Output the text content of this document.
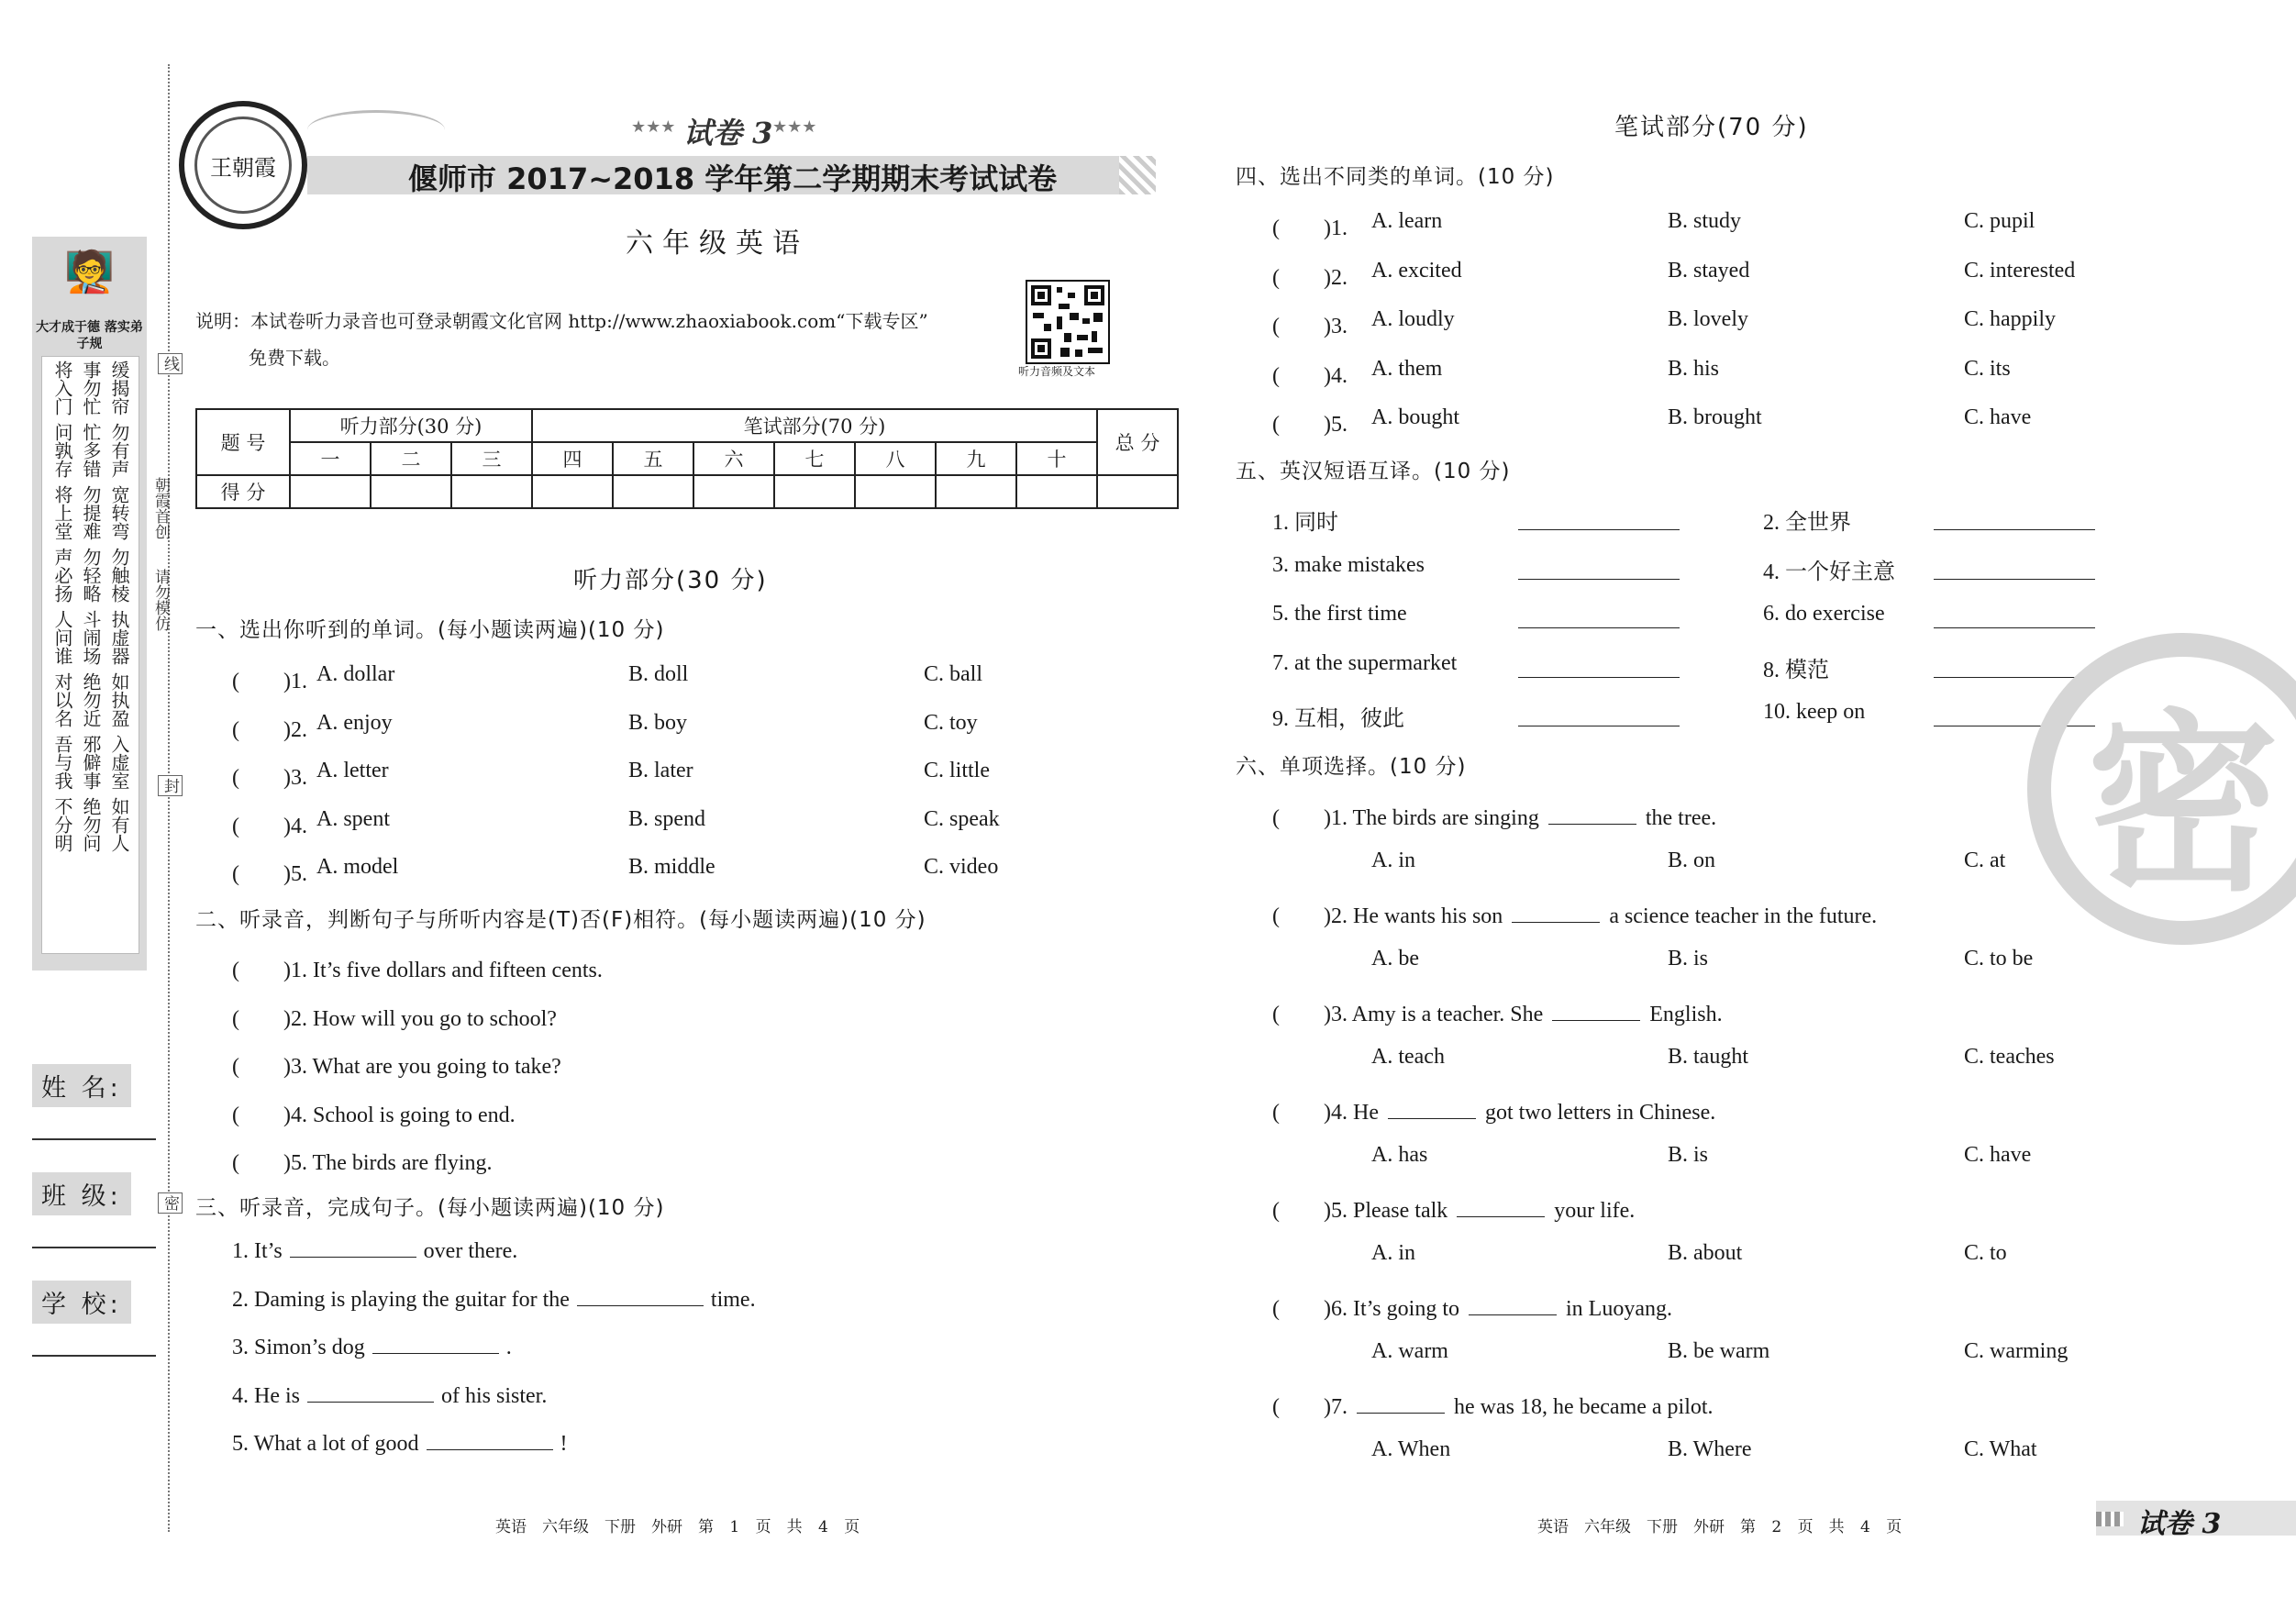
🧑‍🏫
大才成于德 落实弟子规
将入门 事勿忙 缓揭帘
问孰存 忙多错 勿有声
将上堂 勿提难 宽转弯
声必扬 勿轻略 勿触棱
人问谁 斗闹场 执虚器
对以名 绝勿近 如执盈
吾与我 邪僻事 入虚室
不分明 绝勿问 如有人
姓 名:
班 级:
学 校:
线
朝霞首创
请勿模仿
封
密
王朝霞
★★★ 试卷 3 ★★★
偃师市 2017~2018 学年第二学期期末考试试卷
六年级英语
说明：本试卷听力录音也可登录朝霞文化官网 http://www.zhaoxiabook.com“下载专区”
免费下载。
听力音频及文本
题 号	听力部分(30 分)			笔试部分(70 分)							总 分
	一	二	三	四	五	六	七	八	九	十	
得 分											
听力部分(30 分)
一、选出你听到的单词。(每小题读两遍)(10 分)
(　　)1. A. dollar	B. doll	C. ball
(　　)2. A. enjoy	B. boy	C. toy
(　　)3. A. letter	B. later	C. little
(　　)4. A. spent	B. spend	C. speak
(　　)5. A. model	B. middle	C. video
二、听录音，判断句子与所听内容是(T)否(F)相符。(每小题读两遍)(10 分)
(　　)1. It’s five dollars and fifteen cents.
(　　)2. How will you go to school?
(　　)3. What are you going to take?
(　　)4. School is going to end.
(　　)5. The birds are flying.
三、听录音，完成句子。(每小题读两遍)(10 分)
1. It’s	over there.
2. Daming is playing the guitar for the	time.
3. Simon’s dog	.
4. He is	of his sister.
5. What a lot of good	!
笔试部分(70 分)
四、选出不同类的单词。(10 分)
(　　)1. A. learn	B. study	C. pupil
(　　)2. A. excited	B. stayed	C. interested
(　　)3. A. loudly	B. lovely	C. happily
(　　)4. A. them	B. his	C. its
(　　)5. A. bought	B. brought	C. have
五、英汉短语互译。(10 分)
1. 同时	2. 全世界
3. make mistakes	4. 一个好主意
5. the first time	6. do exercise
7. at the supermarket	8. 模范
9. 互相，彼此	10. keep on
六、单项选择。(10 分)
(　　)1. The birds are singing	the tree.
A. in	B. on	C. at
(　　)2. He wants his son	a science teacher in the future.
A. be	B. is	C. to be
(　　)3. Amy is a teacher. She	English.
A. teach	B. taught	C. teaches
(　　)4. He	got two letters in Chinese.
A. has	B. is	C. have
(　　)5. Please talk	your life.
A. in	B. about	C. to
(　　)6. It’s going to	in Luoyang.
A. warm	B. be warm	C. warming
(　　)7.	he was 18, he became a pilot.
A. When	B. Where	C. What
密
英语　六年级　下册　外研　第 1 页　共 4 页	英语　六年级　下册　外研　第 2 页　共 4 页	试卷 3
